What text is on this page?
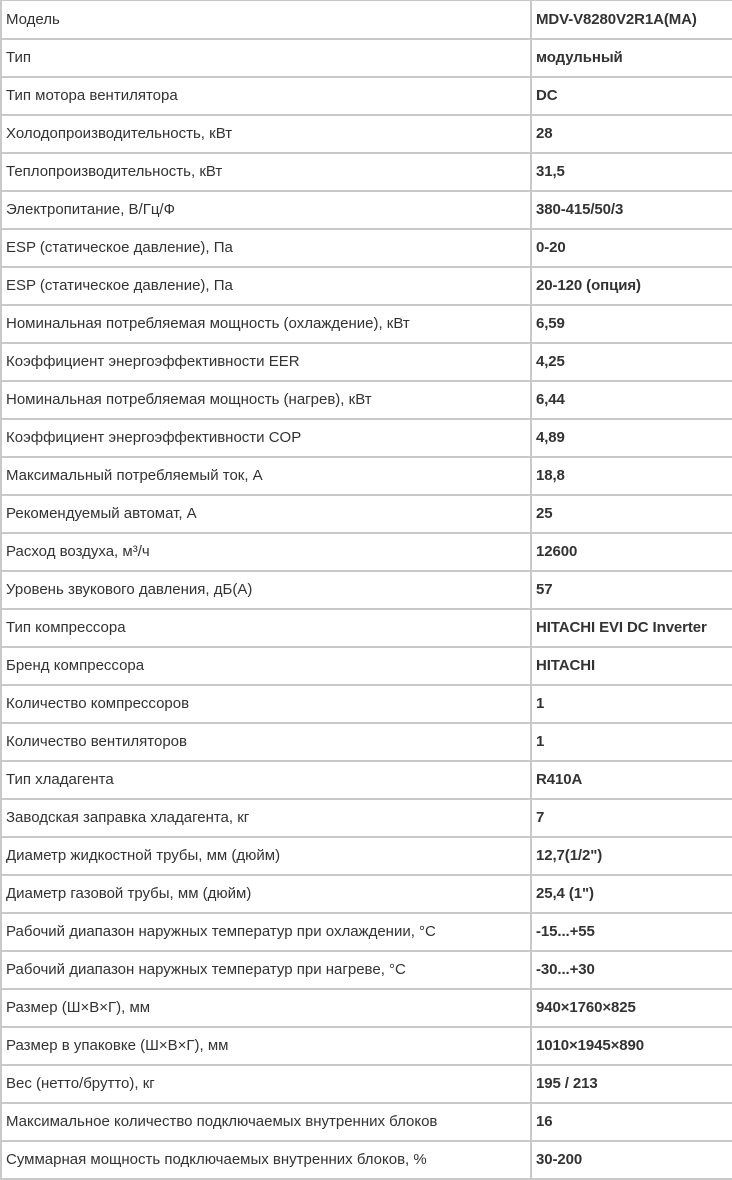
Модель	MDV-V8280V2R1A(MA)
Тип	модульный
Тип мотора вентилятора	DC
Холодопроизводительность, кВт	28
Теплопроизводительность, кВт	31,5
Электропитание, В/Гц/Ф	380-415/50/3
ESP (статическое давление), Па	0-20
ESP (статическое давление), Па	20-120 (опция)
Номинальная потребляемая мощность (охлаждение), кВт	6,59
Коэффициент энергоэффективности EER	4,25
Номинальная потребляемая мощность (нагрев), кВт	6,44
Коэффициент энергоэффективности COP	4,89
Максимальный потребляемый ток, А	18,8
Рекомендуемый автомат, А	25
Расход воздуха, м³/ч	12600
Уровень звукового давления, дБ(А)	57
Тип компрессора	HITACHI EVI DC Inverter
Бренд компрессора	HITACHI
Количество компрессоров	1
Количество вентиляторов	1
Тип хладагента	R410A
Заводская заправка хладагента, кг	7
Диаметр жидкостной трубы, мм (дюйм)	12,7(1/2")
Диаметр газовой трубы, мм (дюйм)	25,4 (1")
Рабочий диапазон наружных температур при охлаждении, °С	-15...+55
Рабочий диапазон наружных температур при нагреве, °С	-30...+30
Размер (Ш×В×Г), мм	940×1760×825
Размер в упаковке (Ш×В×Г), мм	1010×1945×890
Вес (нетто/брутто), кг	195 / 213
Максимальное количество подключаемых внутренних блоков	16
Суммарная мощность подключаемых внутренних блоков, %	30-200
